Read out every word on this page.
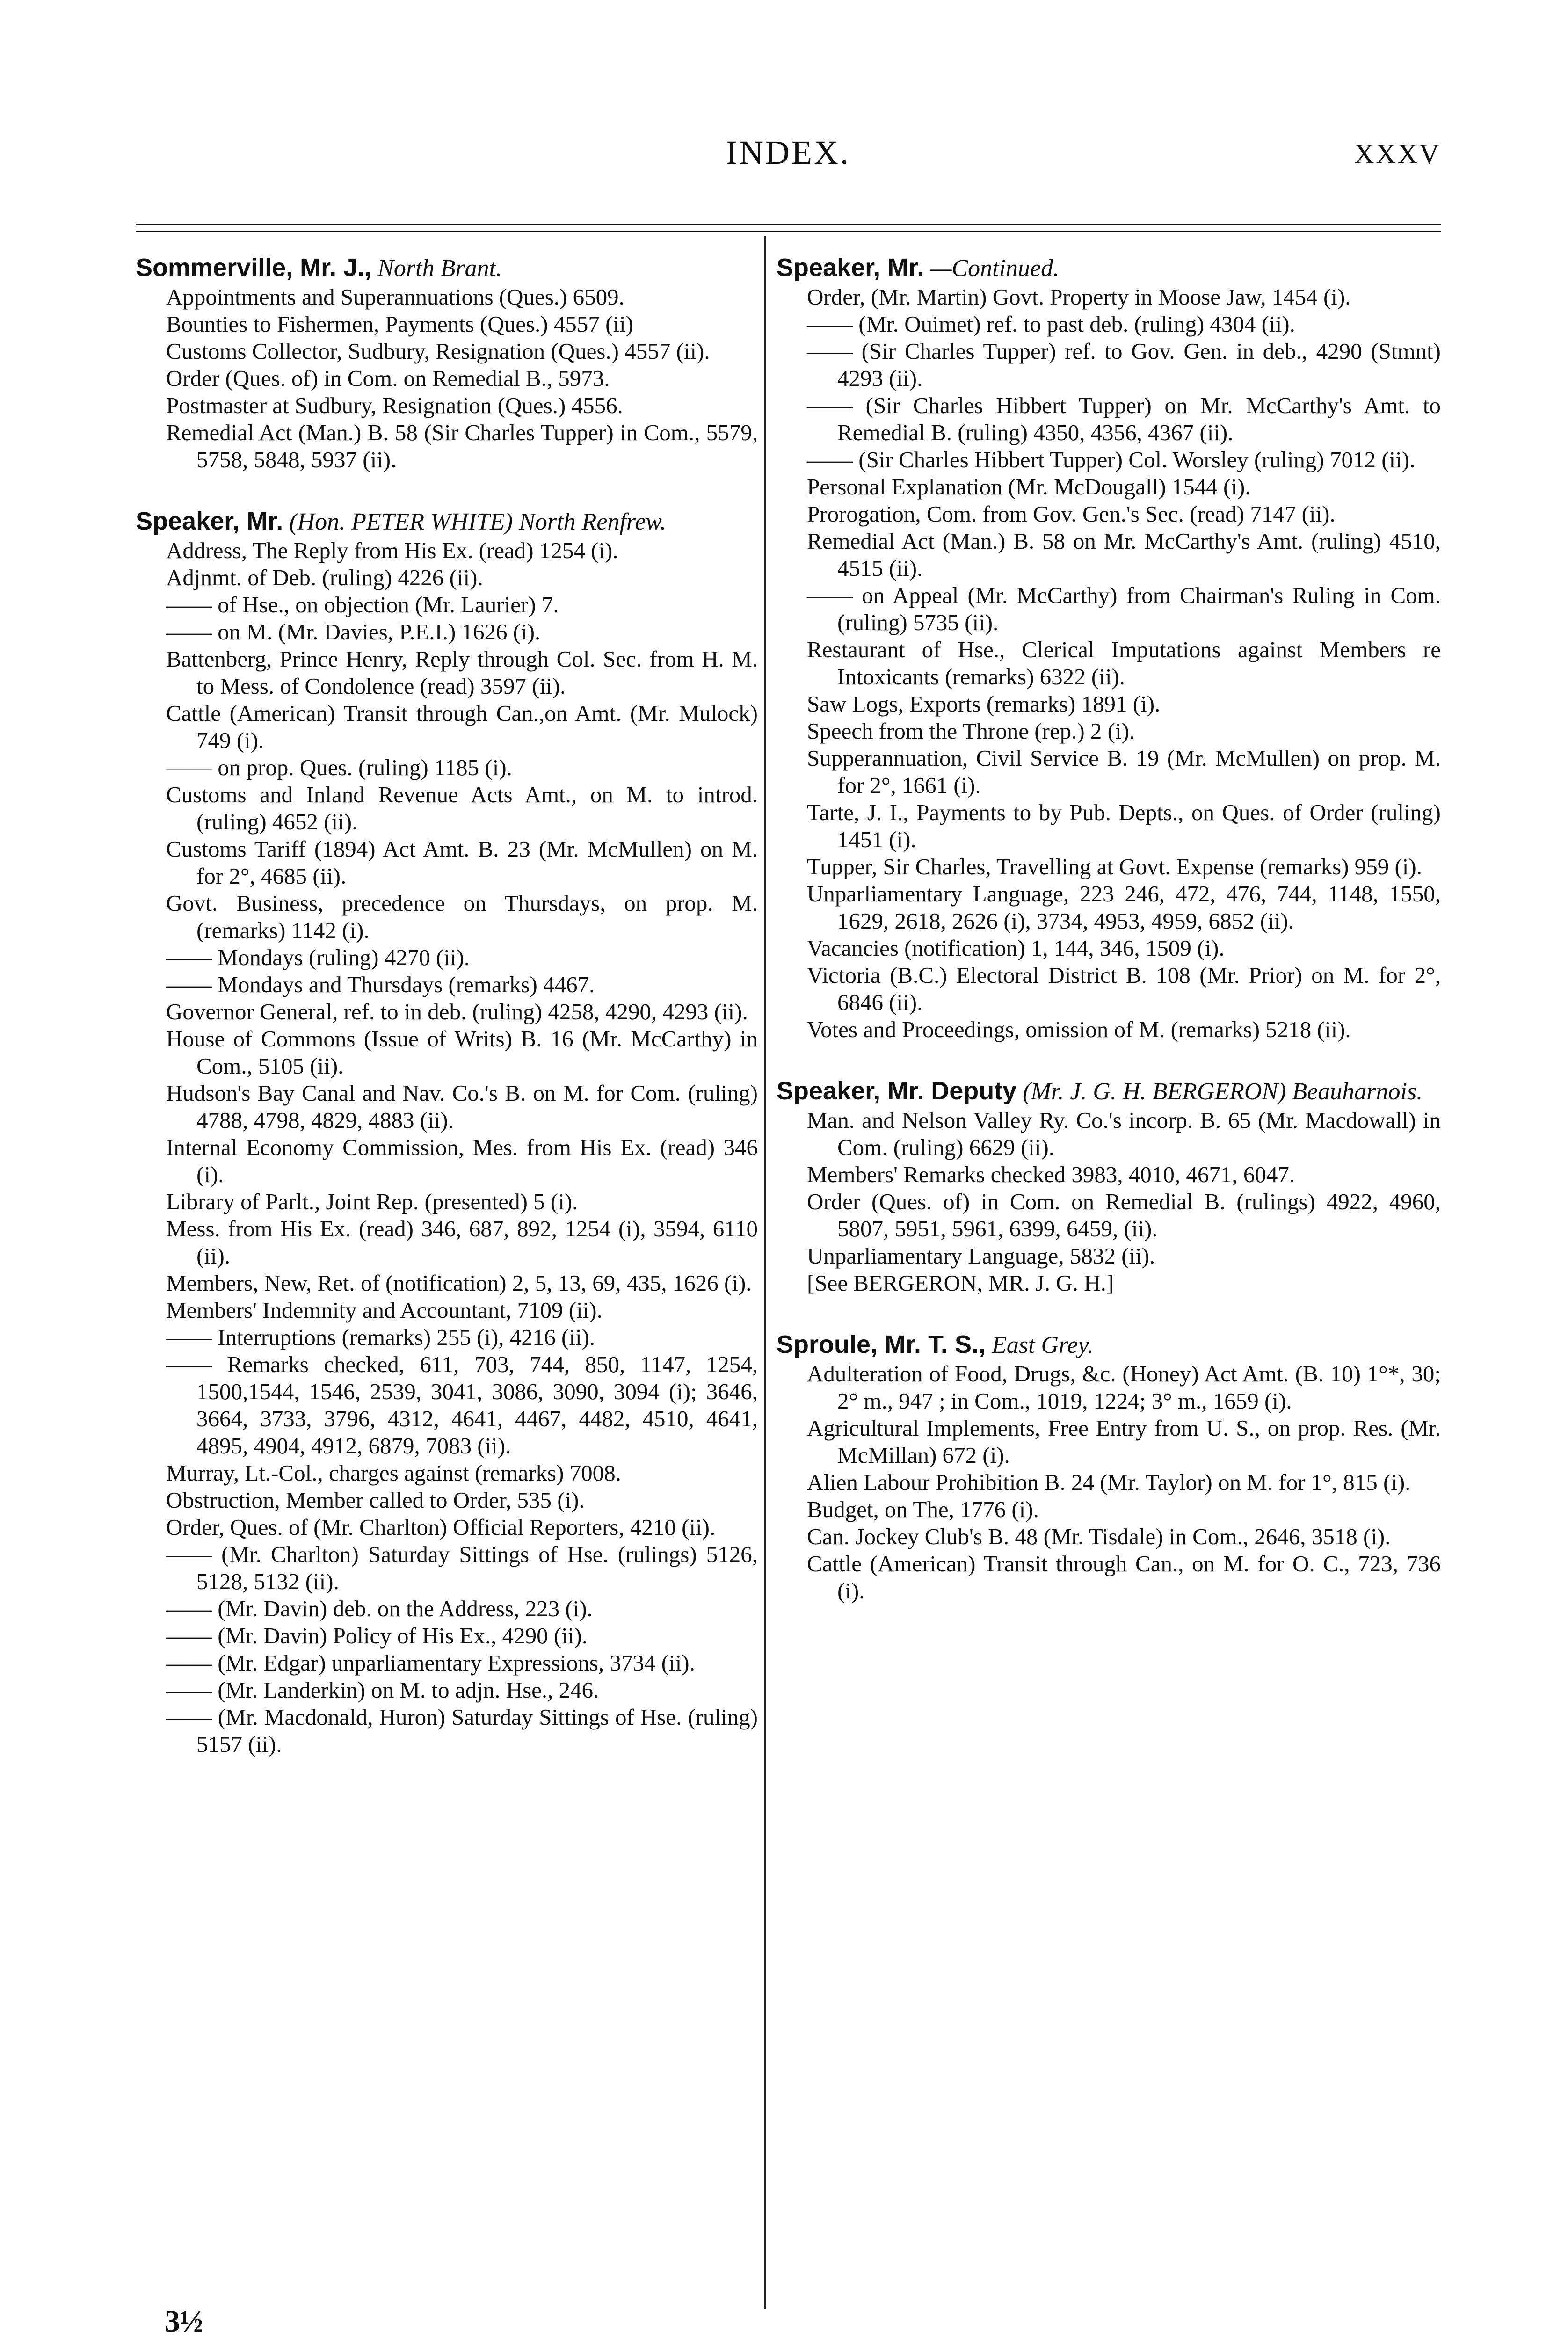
INDEX.	XXXV

Sommerville, Mr. J., North Brant.

Appointments and Superannuations (Ques.) 6509.

Bounties to Fishermen, Payments (Ques.) 4557 (ii)

Customs Collector, Sudbury, Resignation (Ques.) 4557 (ii).

Order (Ques. of) in Com. on Remedial B., 5973.

Postmaster at Sudbury, Resignation (Ques.) 4556.

Remedial Act (Man.) B. 58 (Sir Charles Tupper) in Com., 5579, 5758, 5848, 5937 (ii).

Speaker, Mr. (Hon. PETER WHITE) North Renfrew.

Address, The Reply from His Ex. (read) 1254 (i).

Adjnmt. of Deb. (ruling) 4226 (ii).

—— of Hse., on objection (Mr. Laurier) 7.

—— on M. (Mr. Davies, P.E.I.) 1626 (i).

Battenberg, Prince Henry, Reply through Col. Sec. from H. M. to Mess. of Condolence (read) 3597 (ii).

Cattle (American) Transit through Can.,on Amt. (Mr. Mulock) 749 (i).

—— on prop. Ques. (ruling) 1185 (i).

Customs and Inland Revenue Acts Amt., on M. to introd. (ruling) 4652 (ii).

Customs Tariff (1894) Act Amt. B. 23 (Mr. McMullen) on M. for 2°, 4685 (ii).

Govt. Business, precedence on Thursdays, on prop. M. (remarks) 1142 (i).

—— Mondays (ruling) 4270 (ii).

—— Mondays and Thursdays (remarks) 4467.

Governor General, ref. to in deb. (ruling) 4258, 4290, 4293 (ii).

House of Commons (Issue of Writs) B. 16 (Mr. McCarthy) in Com., 5105 (ii).

Hudson's Bay Canal and Nav. Co.'s B. on M. for Com. (ruling) 4788, 4798, 4829, 4883 (ii).

Internal Economy Commission, Mes. from His Ex. (read) 346 (i).

Library of Parlt., Joint Rep. (presented) 5 (i).

Mess. from His Ex. (read) 346, 687, 892, 1254 (i), 3594, 6110 (ii).

Members, New, Ret. of (notification) 2, 5, 13, 69, 435, 1626 (i).

Members' Indemnity and Accountant, 7109 (ii).

—— Interruptions (remarks) 255 (i), 4216 (ii).

—— Remarks checked, 611, 703, 744, 850, 1147, 1254, 1500,1544, 1546, 2539, 3041, 3086, 3090, 3094 (i); 3646, 3664, 3733, 3796, 4312, 4641, 4467, 4482, 4510, 4641, 4895, 4904, 4912, 6879, 7083 (ii).

Murray, Lt.-Col., charges against (remarks) 7008.

Obstruction, Member called to Order, 535 (i).

Order, Ques. of (Mr. Charlton) Official Reporters, 4210 (ii).

—— (Mr. Charlton) Saturday Sittings of Hse. (rulings) 5126, 5128, 5132 (ii).

—— (Mr. Davin) deb. on the Address, 223 (i).

—— (Mr. Davin) Policy of His Ex., 4290 (ii).

—— (Mr. Edgar) unparliamentary Expressions, 3734 (ii).

—— (Mr. Landerkin) on M. to adjn. Hse., 246.

—— (Mr. Macdonald, Huron) Saturday Sittings of Hse. (ruling) 5157 (ii).

Speaker, Mr. —Continued.

Order, (Mr. Martin) Govt. Property in Moose Jaw, 1454 (i).

—— (Mr. Ouimet) ref. to past deb. (ruling) 4304 (ii).

—— (Sir Charles Tupper) ref. to Gov. Gen. in deb., 4290 (Stmnt) 4293 (ii).

—— (Sir Charles Hibbert Tupper) on Mr. McCarthy's Amt. to Remedial B. (ruling) 4350, 4356, 4367 (ii).

—— (Sir Charles Hibbert Tupper) Col. Worsley (ruling) 7012 (ii).

Personal Explanation (Mr. McDougall) 1544 (i).

Prorogation, Com. from Gov. Gen.'s Sec. (read) 7147 (ii).

Remedial Act (Man.) B. 58 on Mr. McCarthy's Amt. (ruling) 4510, 4515 (ii).

—— on Appeal (Mr. McCarthy) from Chairman's Ruling in Com. (ruling) 5735 (ii).

Restaurant of Hse., Clerical Imputations against Members re Intoxicants (remarks) 6322 (ii).

Saw Logs, Exports (remarks) 1891 (i).

Speech from the Throne (rep.) 2 (i).

Supperannuation, Civil Service B. 19 (Mr. McMullen) on prop. M. for 2°, 1661 (i).

Tarte, J. I., Payments to by Pub. Depts., on Ques. of Order (ruling) 1451 (i).

Tupper, Sir Charles, Travelling at Govt. Expense (remarks) 959 (i).

Unparliamentary Language, 223 246, 472, 476, 744, 1148, 1550, 1629, 2618, 2626 (i), 3734, 4953, 4959, 6852 (ii).

Vacancies (notification) 1, 144, 346, 1509 (i).

Victoria (B.C.) Electoral District B. 108 (Mr. Prior) on M. for 2°, 6846 (ii).

Votes and Proceedings, omission of M. (remarks) 5218 (ii).

Speaker, Mr. Deputy (Mr. J. G. H. BERGERON) Beauharnois.

Man. and Nelson Valley Ry. Co.'s incorp. B. 65 (Mr. Macdowall) in Com. (ruling) 6629 (ii).

Members' Remarks checked 3983, 4010, 4671, 6047.

Order (Ques. of) in Com. on Remedial B. (rulings) 4922, 4960, 5807, 5951, 5961, 6399, 6459, (ii).

Unparliamentary Language, 5832 (ii).

[See BERGERON, MR. J. G. H.]

Sproule, Mr. T. S., East Grey.

Adulteration of Food, Drugs, &c. (Honey) Act Amt. (B. 10) 1°*, 30; 2° m., 947 ; in Com., 1019, 1224; 3° m., 1659 (i).

Agricultural Implements, Free Entry from U. S., on prop. Res. (Mr. McMillan) 672 (i).

Alien Labour Prohibition B. 24 (Mr. Taylor) on M. for 1°, 815 (i).

Budget, on The, 1776 (i).

Can. Jockey Club's B. 48 (Mr. Tisdale) in Com., 2646, 3518 (i).

Cattle (American) Transit through Can., on M. for O. C., 723, 736 (i).

3½
